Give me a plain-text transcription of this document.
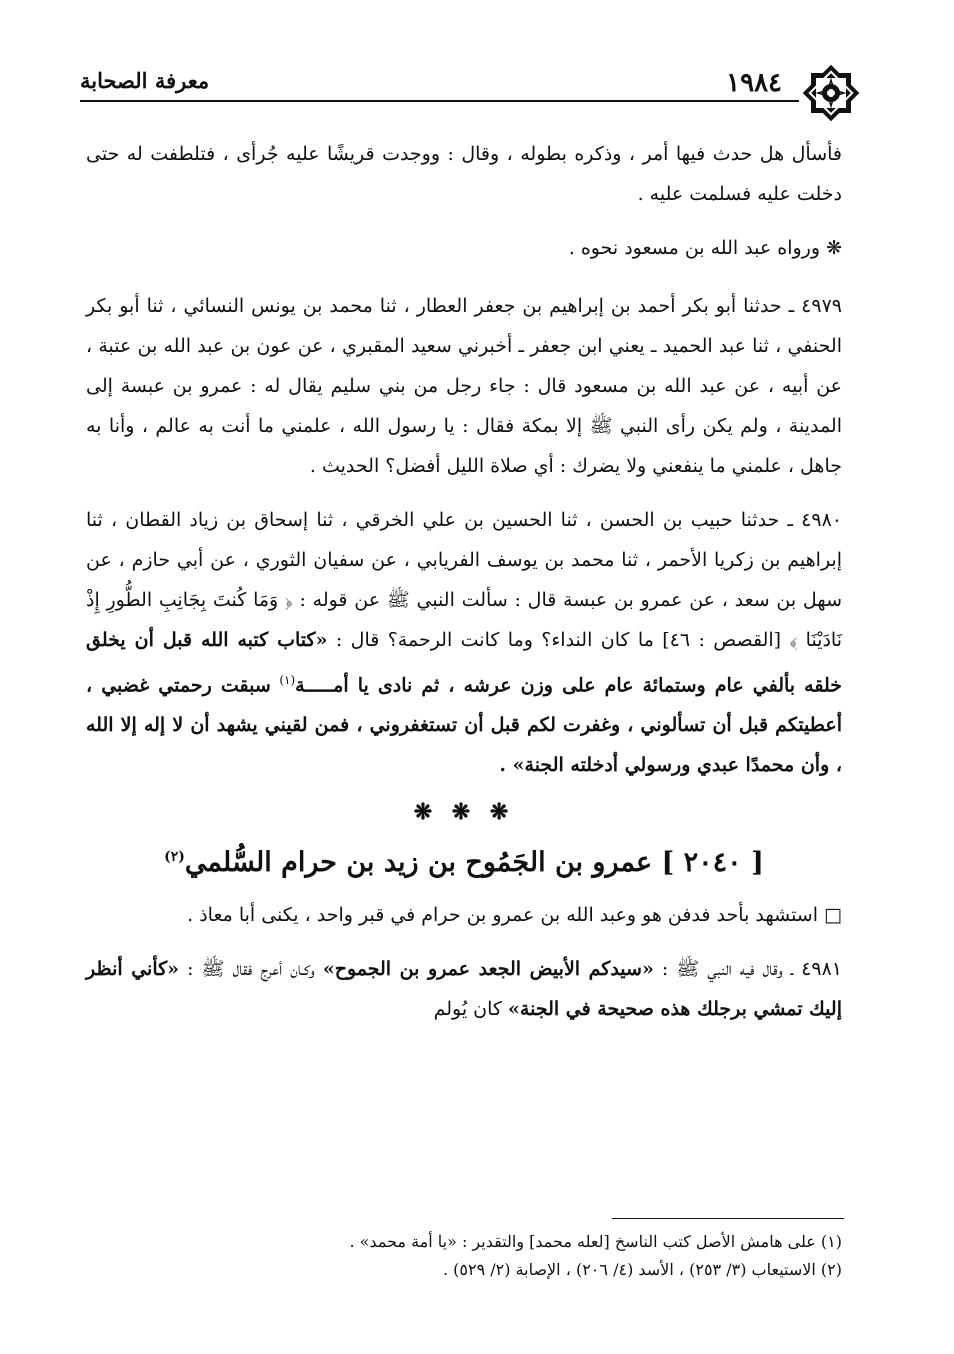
معرفة الصحابة	١٩٨٤

فأسأل هل حدث فيها أمر ، وذكره بطوله ، وقال : ووجدت قريشًا عليه جُرأى ، فتلطفت له حتى دخلت عليه فسلمت عليه .

❋ ورواه عبد الله بن مسعود نحوه .

٤٩٧٩ ـ حدثنا أبو بكر أحمد بن إبراهيم بن جعفر العطار ، ثنا محمد بن يونس النسائي ، ثنا أبو بكر الحنفي ، ثنا عبد الحميد ـ يعني ابن جعفر ـ أخبرني سعيد المقبري ، عن عون بن عبد الله بن عتبة ، عن أبيه ، عن عبد الله بن مسعود قال : جاء رجل من بني سليم يقال له : عمرو بن عبسة إلى المدينة ، ولم يكن رأى النبي ﷺ إلا بمكة فقال : يا رسول الله ، علمني ما أنت به عالم ، وأنا به جاهل ، علمني ما ينفعني ولا يضرك : أي صلاة الليل أفضل؟ الحديث .

٤٩٨٠ ـ حدثنا حبيب بن الحسن ، ثنا الحسين بن علي الخرقي ، ثنا إسحاق بن زياد القطان ، ثنا إبراهيم بن زكريا الأحمر ، ثنا محمد بن يوسف الفريابي ، عن سفيان الثوري ، عن أبي حازم ، عن سهل بن سعد ، عن عمرو بن عبسة قال : سألت النبي ﷺ عن قوله : ﴿ وَمَا كُنتَ بِجَانِبِ الطُّورِ إِذْ نَادَيْنَا ﴾ [القصص : ٤٦] ما كان النداء؟ وما كانت الرحمة؟ قال : «كتاب كتبه الله قبل أن يخلق خلقه بألفي عام وستمائة عام على وزن عرشه ، ثم نادى يا أمـــــة$^{(١)}$ سبقت رحمتي غضبي ، أعطيتكم قبل أن تسألوني ، وغفرت لكم قبل أن تستغفروني ، فمن لقيني يشهد أن لا إله إلا الله ، وأن محمدًا عبدي ورسولي أدخلته الجنة» .

❋ ❋ ❋
[ ٢٠٤٠ ] عمرو بن الجَمُوح بن زيد بن حرام السُّلمي$^{(٢)}$

□ استشهد بأحد فدفن هو وعبد الله بن عمرو بن حرام في قبر واحد ، يكنى أبا معاذ .

٤٩٨١ ـ وقال فيه النبي ﷺ : «سيدكم الأبيض الجعد عمرو بن الجموح» وكـان أعرج فقال ﷺ : «كأني أنظر إليك تمشي برجلك هذه صحيحة في الجنة» كان يُولم

(١) على هامش الأصل كتب الناسخ [لعله محمد] والتقدير : «يا أمة محمد» .

(٢) الاستيعاب (٣/ ٢٥٣) ، الأسد (٤/ ٢٠٦) ، الإصابة (٢/ ٥٢٩) .
